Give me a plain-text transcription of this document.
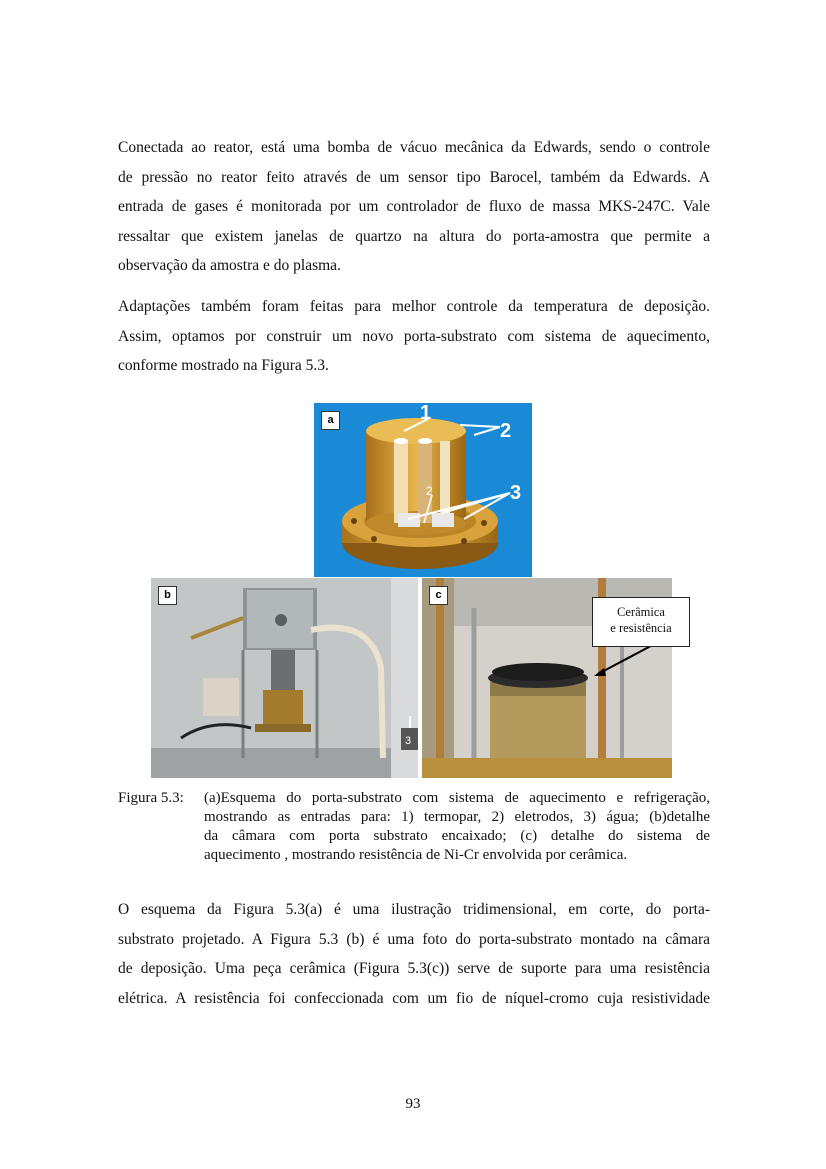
Conectada ao reator, está uma bomba de vácuo mecânica da Edwards, sendo o controle
de pressão no reator feito através de um sensor tipo Barocel, também da Edwards. A
entrada de gases é monitorada por um controlador de fluxo de massa MKS-247C. Vale
ressaltar que existem janelas de quartzo na altura do porta-amostra que permite a
observação da amostra e do plasma.

Adaptações também foram feitas para melhor controle da temperatura de deposição.
Assim, optamos por construir um novo porta-substrato com sistema de aquecimento,
conforme mostrado na Figura 5.3.

1
2
3
2
a
3
b	c
Cerâmica
e resistência
Figura 5.3: (a)Esquema do porta-substrato com sistema de aquecimento e refrigeração,
mostrando as entradas para: 1) termopar, 2) eletrodos, 3) água; (b)detalhe
da câmara com porta substrato encaixado; (c) detalhe do sistema de
aquecimento , mostrando resistência de Ni-Cr envolvida por cerâmica.

O esquema da Figura 5.3(a) é uma ilustração tridimensional, em corte, do porta-
substrato projetado. A Figura 5.3 (b) é uma foto do porta-substrato montado na câmara
de deposição. Uma peça cerâmica (Figura 5.3(c)) serve de suporte para uma resistência
elétrica. A resistência foi confeccionada com um fio de níquel-cromo cuja resistividade

93
